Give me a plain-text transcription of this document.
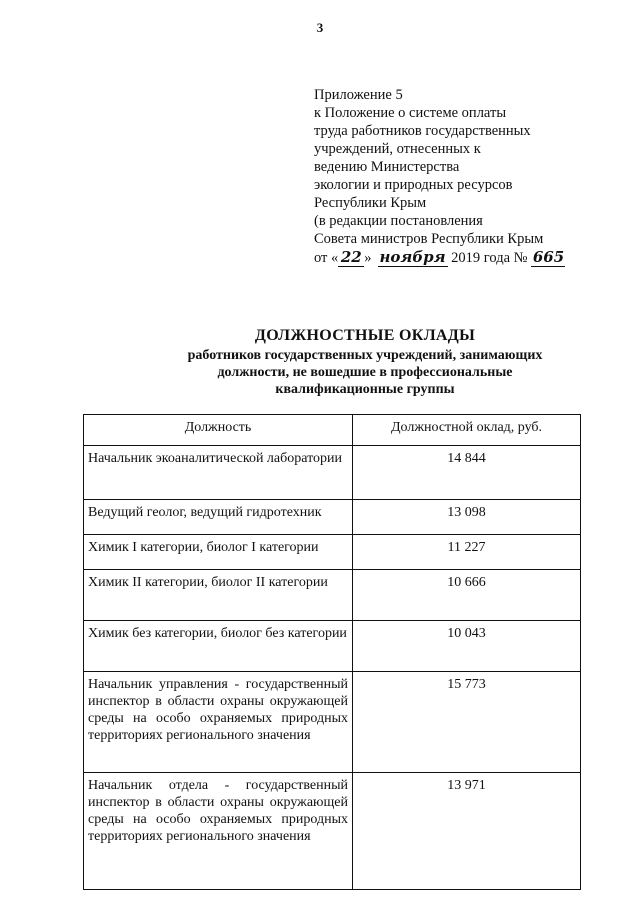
3
Приложение 5
к Положение о системе оплаты
труда работников государственных
учреждений, отнесенных к
ведению Министерства
экологии и природных ресурсов
Республики Крым
(в редакции постановления
Совета министров Республики Крым
от « 22 » ноября 2019 года № 665
ДОЛЖНОСТНЫЕ ОКЛАДЫ
работников государственных учреждений, занимающих
должности, не вошедшие в профессиональные
квалификационные группы
Должность	Должностной оклад, руб.
Начальник экоаналитической лаборатории	14 844
Ведущий геолог, ведущий гидротехник	13 098
Химик I категории, биолог I категории	11 227
Химик II категории, биолог II категории	10 666
Химик без категории, биолог без категории	10 043
Начальник управления - государственный инспектор в области охраны окружающей среды на особо охраняемых природных территориях регионального значения	15 773
Начальник отдела - государственный инспектор в области охраны окружающей среды на особо охраняемых природных территориях регионального значения	13 971
